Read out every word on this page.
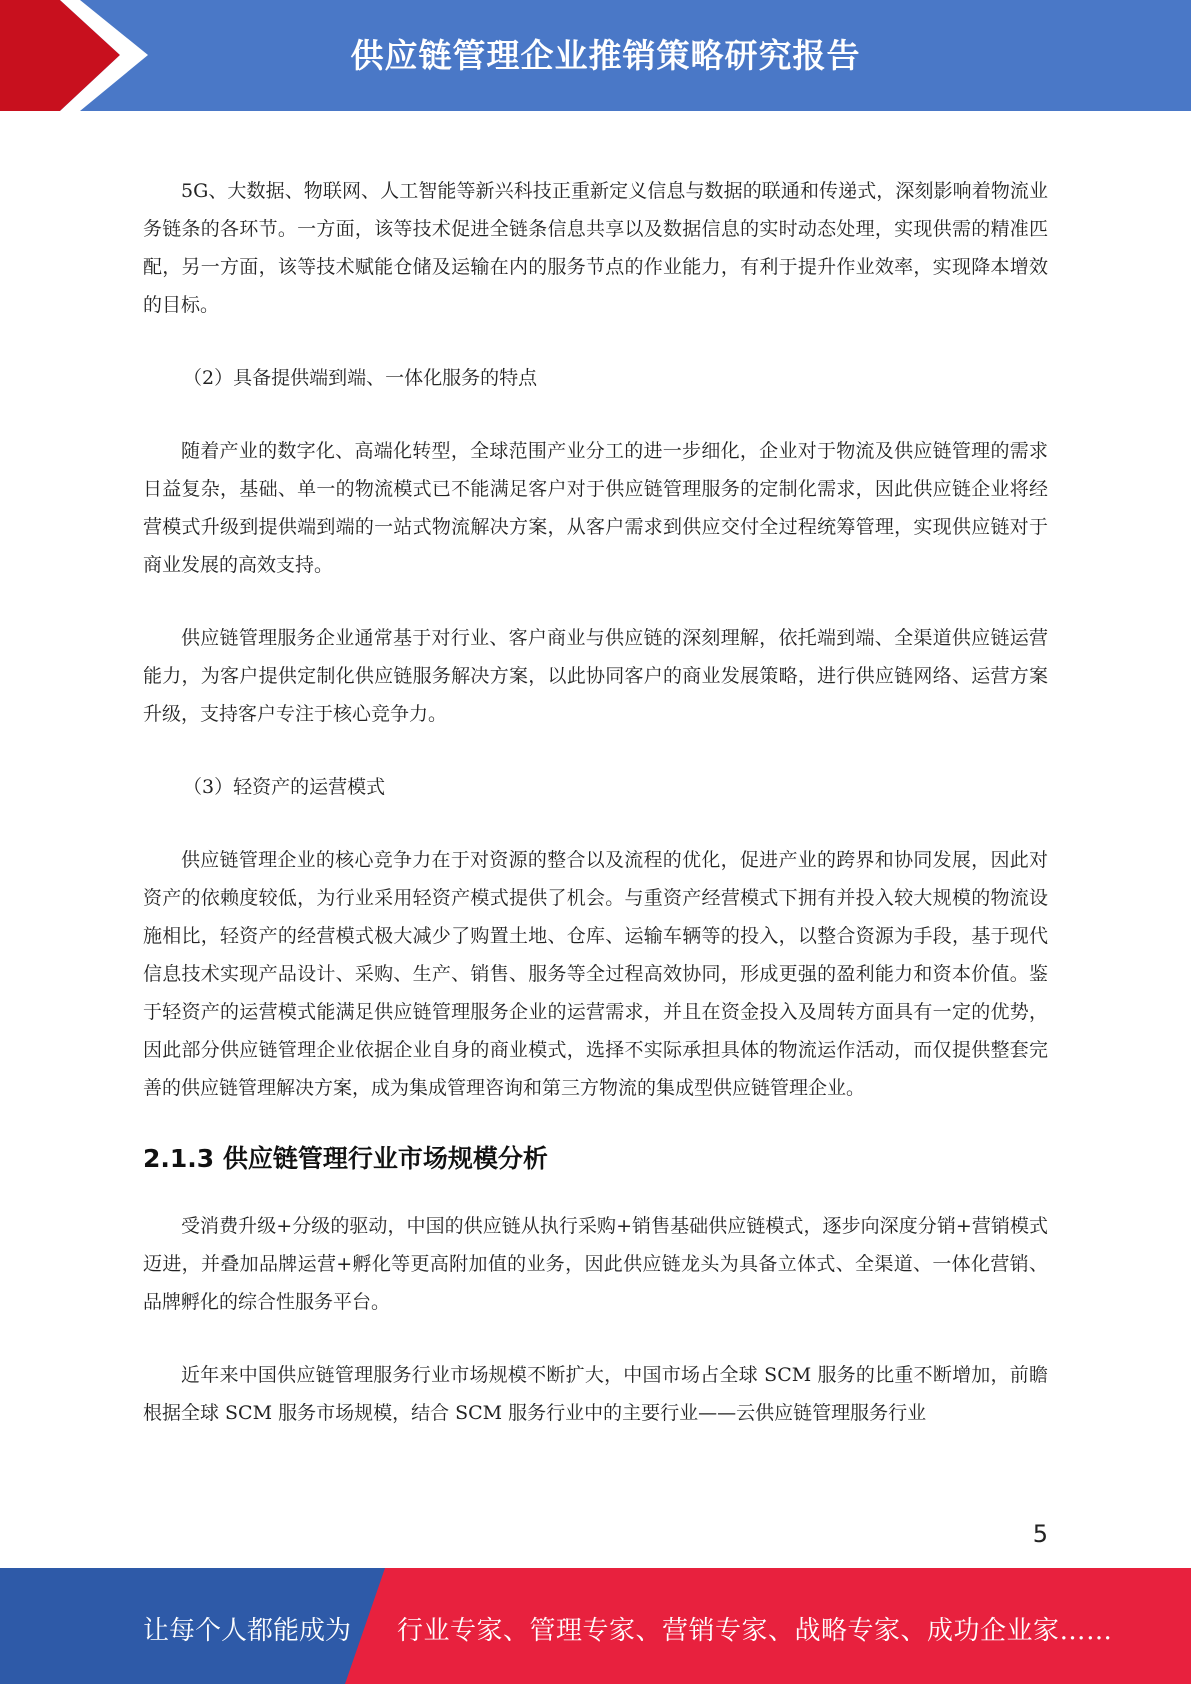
供应链管理企业推销策略研究报告

5G、大数据、物联网、人工智能等新兴科技正重新定义信息与数据的联通和传递式，深刻影响着物流业务链条的各环节。一方面，该等技术促进全链条信息共享以及数据信息的实时动态处理，实现供需的精准匹配，另一方面，该等技术赋能仓储及运输在内的服务节点的作业能力，有利于提升作业效率，实现降本增效的目标。

（2）具备提供端到端、一体化服务的特点

随着产业的数字化、高端化转型，全球范围产业分工的进一步细化，企业对于物流及供应链管理的需求日益复杂，基础、单一的物流模式已不能满足客户对于供应链管理服务的定制化需求，因此供应链企业将经营模式升级到提供端到端的一站式物流解决方案，从客户需求到供应交付全过程统筹管理，实现供应链对于商业发展的高效支持。

供应链管理服务企业通常基于对行业、客户商业与供应链的深刻理解，依托端到端、全渠道供应链运营能力，为客户提供定制化供应链服务解决方案，以此协同客户的商业发展策略，进行供应链网络、运营方案升级，支持客户专注于核心竞争力。

（3）轻资产的运营模式

供应链管理企业的核心竞争力在于对资源的整合以及流程的优化，促进产业的跨界和协同发展，因此对资产的依赖度较低，为行业采用轻资产模式提供了机会。与重资产经营模式下拥有并投入较大规模的物流设施相比，轻资产的经营模式极大减少了购置土地、仓库、运输车辆等的投入，以整合资源为手段，基于现代信息技术实现产品设计、采购、生产、销售、服务等全过程高效协同，形成更强的盈利能力和资本价值。鉴于轻资产的运营模式能满足供应链管理服务企业的运营需求，并且在资金投入及周转方面具有一定的优势，因此部分供应链管理企业依据企业自身的商业模式，选择不实际承担具体的物流运作活动，而仅提供整套完善的供应链管理解决方案，成为集成管理咨询和第三方物流的集成型供应链管理企业。

2.1.3 供应链管理行业市场规模分析

受消费升级+分级的驱动，中国的供应链从执行采购+销售基础供应链模式，逐步向深度分销+营销模式迈进，并叠加品牌运营+孵化等更高附加值的业务，因此供应链龙头为具备立体式、全渠道、一体化营销、品牌孵化的综合性服务平台。

近年来中国供应链管理服务行业市场规模不断扩大，中国市场占全球 SCM 服务的比重不断增加，前瞻根据全球 SCM 服务市场规模，结合 SCM 服务行业中的主要行业——云供应链管理服务行业

5
让每个人都能成为 行业专家、管理专家、营销专家、战略专家、成功企业家……
